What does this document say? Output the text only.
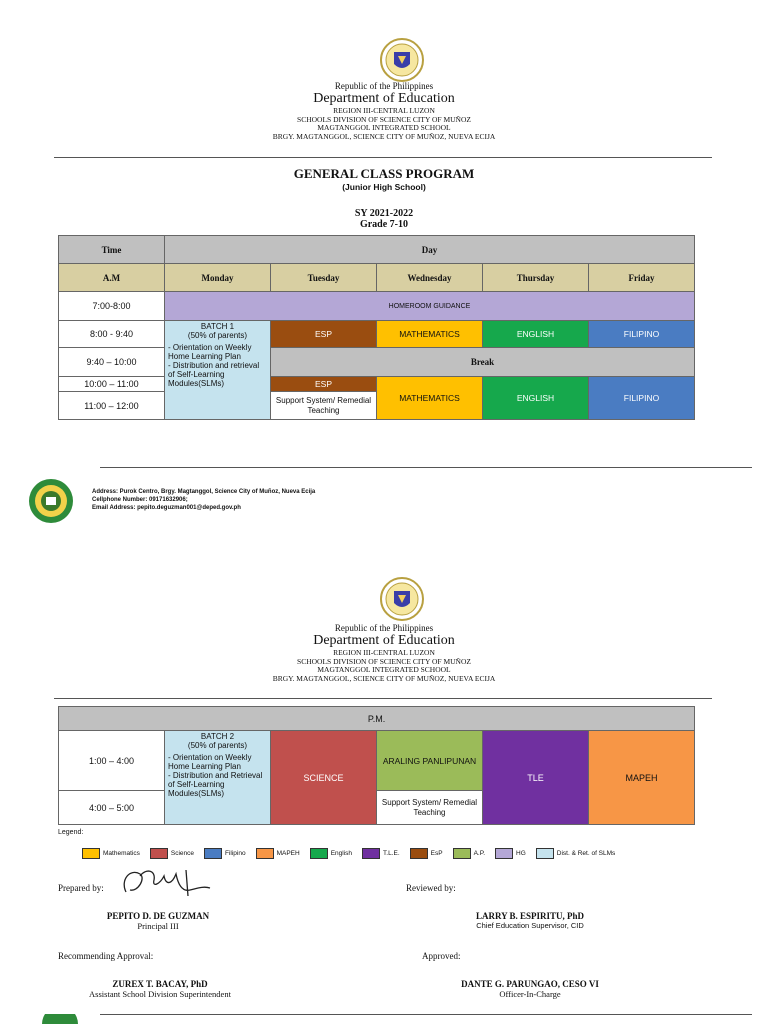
Republic of the Philippines
Department of Education
REGION III-CENTRAL LUZON
SCHOOLS DIVISION OF SCIENCE CITY OF MUÑOZ
MAGTANGGOL INTEGRATED SCHOOL
BRGY. MAGTANGGOL, SCIENCE CITY OF MUÑOZ, NUEVA ECIJA
GENERAL CLASS PROGRAM
(Junior High School)
SY 2021-2022
Grade 7-10
Time	Day				
A.M	Monday	Tuesday	Wednesday	Thursday	Friday
7:00-8:00	HOMEROOM GUIDANCE				
8:00 - 9:40	BATCH 1
(50% of parents)
- Orientation on Weekly Home Learning Plan
- Distribution and retrieval of Self-Learning Modules(SLMs)	ESP	MATHEMATICS	ENGLISH	FILIPINO
9:40 – 10:00		Break			
10:00 – 11:00		ESP	MATHEMATICS	ENGLISH	FILIPINO
11:00 – 12:00		Support System/ Remedial Teaching			
Address: Purok Centro, Brgy. Magtanggol, Science City of Muñoz, Nueva Ecija
Cellphone Number: 09171632906;
Email Address: pepito.deguzman001@deped.gov.ph
Republic of the Philippines
Department of Education
REGION III-CENTRAL LUZON
SCHOOLS DIVISION OF SCIENCE CITY OF MUÑOZ
MAGTANGGOL INTEGRATED SCHOOL
BRGY. MAGTANGGOL, SCIENCE CITY OF MUÑOZ, NUEVA ECIJA
P.M.					
1:00 – 4:00	BATCH 2
(50% of parents)
- Orientation on Weekly Home Learning Plan
- Distribution and Retrieval of Self-Learning Modules(SLMs)	SCIENCE	ARALING PANLIPUNAN	TLE	MAPEH
4:00 – 5:00			Support System/ Remedial Teaching		
Legend:
Mathematics	Science	Filipino	MAPEH	English	T.L.E.	EsP	A.P.	HG	Dist. & Ret. of SLMs
Prepared by:
PEPITO D. DE GUZMAN
Principal III
Reviewed by:
LARRY B. ESPIRITU, PhD
Chief Education Supervisor, CID
Recommending Approval:
ZUREX T. BACAY, PhD
Assistant School Division Superintendent
Approved:
DANTE G. PARUNGAO, CESO VI
Officer-In-Charge
